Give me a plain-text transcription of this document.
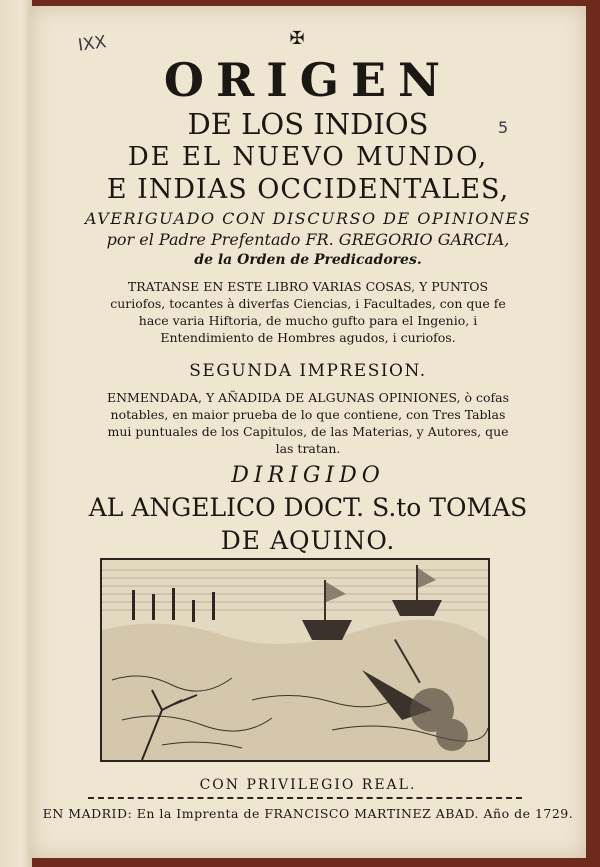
IXX
5
✠
ORIGEN
DE LOS INDIOS
DE EL NUEVO MUNDO,
E INDIAS OCCIDENTALES,
AVERIGUADO CON DISCURSO DE OPINIONES
por el Padre Prefentado FR. GREGORIO GARCIA,
de la Orden de Predicadores.
TRATANSE EN ESTE LIBRO VARIAS COSAS, Y PUNTOS curiofos, tocantes à diverfas Ciencias, i Facultades, con que fe hace varia Hiftoria, de mucho gufto para el Ingenio, i Entendimiento de Hombres agudos, i curiofos.
SEGUNDA IMPRESION.
ENMENDADA, Y AÑADIDA DE ALGUNAS OPINIONES, ò cofas notables, en maior prueba de lo que contiene, con Tres Tablas mui puntuales de los Capitulos, de las Materias, y Autores, que las tratan.
DIRIGIDO
AL ANGELICO DOCT. S.to TOMAS
DE AQUINO.
CON PRIVILEGIO REAL.
EN MADRID: En la Imprenta de FRANCISCO MARTINEZ ABAD. Año de 1729.
